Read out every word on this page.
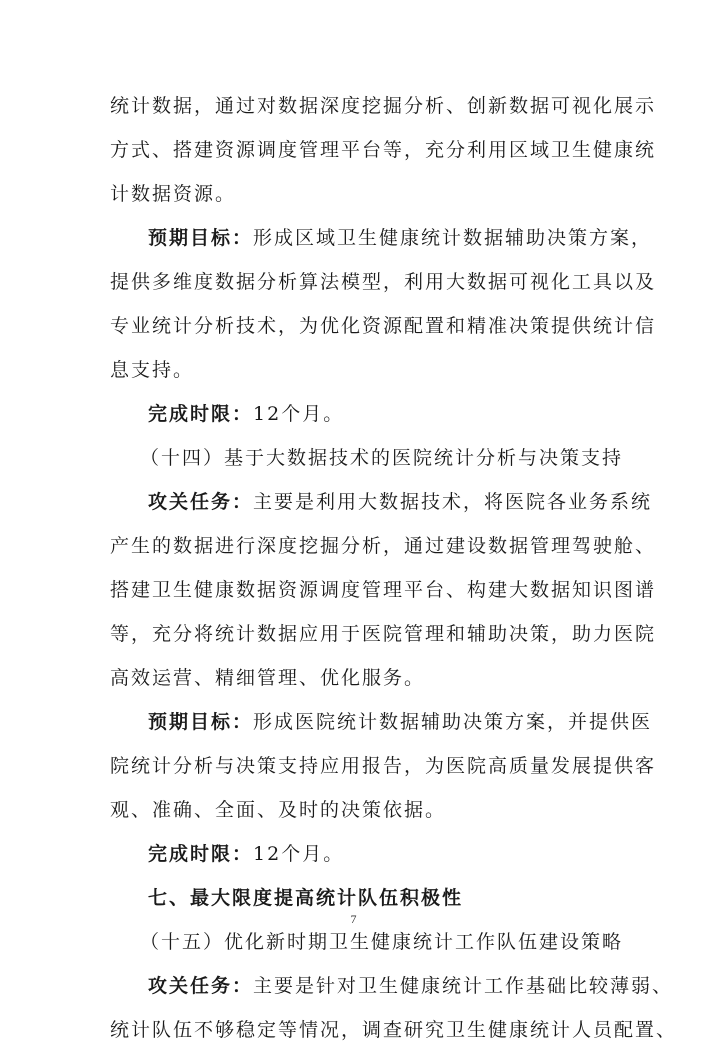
统计数据，通过对数据深度挖掘分析、创新数据可视化展示
方式、搭建资源调度管理平台等，充分利用区域卫生健康统
计数据资源。
预期目标：形成区域卫生健康统计数据辅助决策方案，
提供多维度数据分析算法模型，利用大数据可视化工具以及
专业统计分析技术，为优化资源配置和精准决策提供统计信
息支持。
完成时限：12个月。
（十四）基于大数据技术的医院统计分析与决策支持
攻关任务：主要是利用大数据技术，将医院各业务系统
产生的数据进行深度挖掘分析，通过建设数据管理驾驶舱、
搭建卫生健康数据资源调度管理平台、构建大数据知识图谱
等，充分将统计数据应用于医院管理和辅助决策，助力医院
高效运营、精细管理、优化服务。
预期目标：形成医院统计数据辅助决策方案，并提供医
院统计分析与决策支持应用报告，为医院高质量发展提供客
观、准确、全面、及时的决策依据。
完成时限：12个月。
七、最大限度提高统计队伍积极性
（十五）优化新时期卫生健康统计工作队伍建设策略
攻关任务：主要是针对卫生健康统计工作基础比较薄弱、
统计队伍不够稳定等情况，调查研究卫生健康统计人员配置、
7
